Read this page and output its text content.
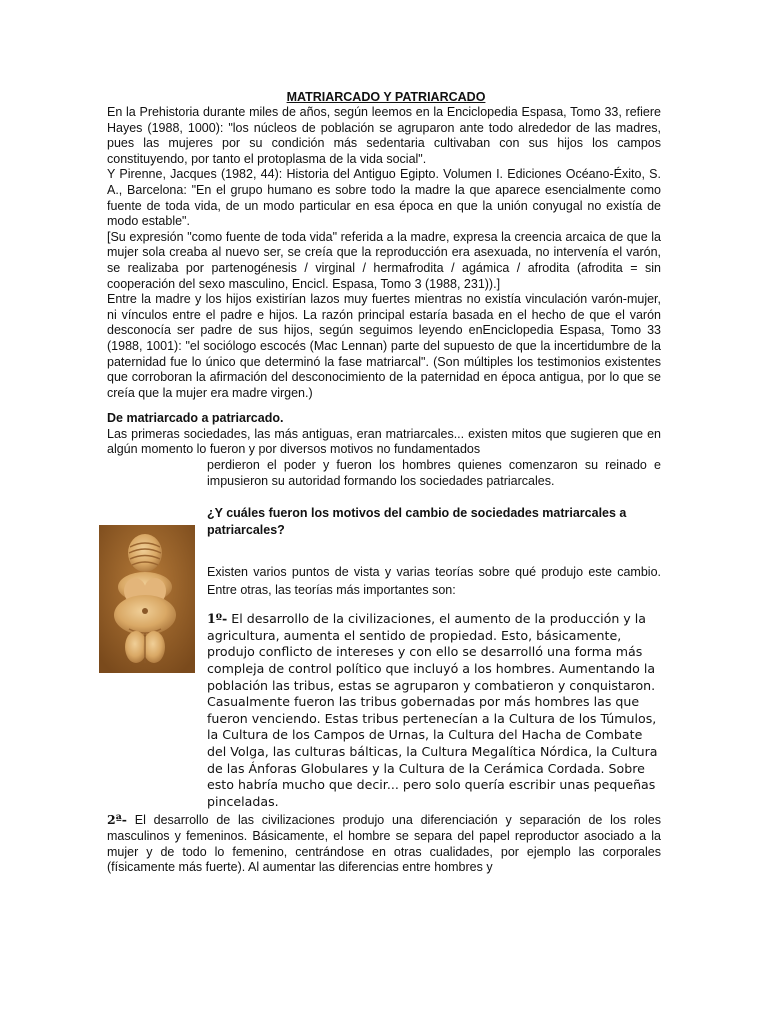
MATRIARCADO Y PATRIARCADO

En la Prehistoria durante miles de años, según leemos en la Enciclopedia Espasa, Tomo 33, refiere Hayes (1988, 1000): "los núcleos de población se agruparon ante todo alrededor de las madres, pues las mujeres por su condición más sedentaria cultivaban con sus hijos los campos constituyendo, por tanto el protoplasma de la vida social".

Y Pirenne, Jacques (1982, 44): Historia del Antiguo Egipto. Volumen I. Ediciones Océano-Éxito, S. A., Barcelona: "En el grupo humano es sobre todo la madre la que aparece esencialmente como fuente de toda vida, de un modo particular en esa época en que la unión conyugal no existía de modo estable".

[Su expresión "como fuente de toda vida" referida a la madre, expresa la creencia arcaica de que la mujer sola creaba al nuevo ser, se creía que la reproducción era asexuada, no intervenía el varón, se realizaba por partenogénesis / virginal / hermafrodita / agámica / afrodita (afrodita = sin cooperación del sexo masculino, Encicl. Espasa, Tomo 3 (1988, 231)).]

Entre la madre y los hijos existirían lazos muy fuertes mientras no existía vinculación varón-mujer, ni vínculos entre el padre e hijos. La razón principal estaría basada en el hecho de que el varón desconocía ser padre de sus hijos, según seguimos leyendo enEnciclopedia Espasa, Tomo 33 (1988, 1001): "el sociólogo escocés (Mac Lennan) parte del supuesto de que la incertidumbre de la paternidad fue lo único que determinó la fase matriarcal". (Son múltiples los testimonios existentes que corroboran la afirmación del desconocimiento de la paternidad en época antigua, por lo que se creía que la mujer era madre virgen.)

De matriarcado a patriarcado.

Las primeras sociedades, las más antiguas, eran matriarcales... existen mitos que sugieren que en algún momento lo fueron y por diversos motivos no fundamentados

perdieron el poder y fueron los hombres quienes comenzaron su reinado e impusieron su autoridad formando los sociedades patriarcales.

¿Y cuáles fueron los motivos del cambio de sociedades matriarcales a patriarcales?

Existen varios puntos de vista y varias teorías sobre qué produjo este cambio. Entre otras, las teorías más importantes son:

1º- El desarrollo de la civilizaciones, el aumento de la producción y la agricultura, aumenta el sentido de propiedad. Esto, básicamente, produjo conflicto de intereses y con ello se desarrolló una forma más compleja de control político que incluyó a los hombres. Aumentando la población las tribus, estas se agruparon y combatieron y conquistaron. Casualmente fueron las tribus gobernadas por más hombres las que fueron venciendo. Estas tribus pertenecían a la Cultura de los Túmulos, la Cultura de los Campos de Urnas, la Cultura del Hacha de Combate del Volga, las culturas bálticas, la Cultura Megalítica Nórdica, la Cultura de las Ánforas Globulares y la Cultura de la Cerámica Cordada. Sobre esto habría mucho que decir... pero solo quería escribir unas pequeñas pinceladas.

2ª- El desarrollo de las civilizaciones produjo una diferenciación y separación de los roles masculinos y femeninos. Básicamente, el hombre se separa del papel reproductor asociado a la mujer y de todo lo femenino, centrándose en otras cualidades, por ejemplo las corporales (físicamente más fuerte). Al aumentar las diferencias entre hombres y
